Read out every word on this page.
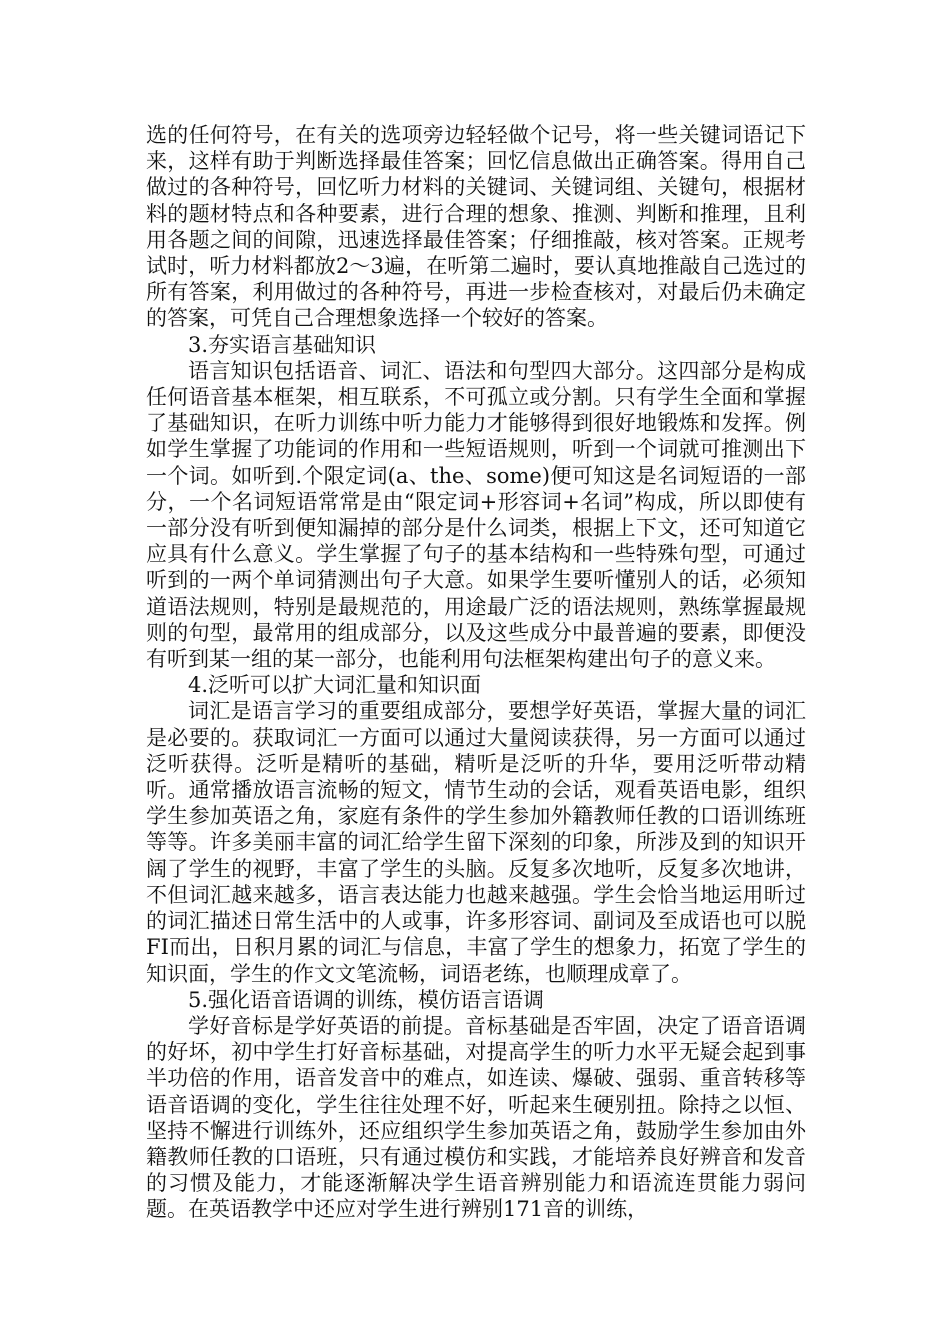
选的任何符号，在有关的选项旁边轻轻做个记号，将一些关键词语记下来，这样有助于判断选择最佳答案；回忆信息做出正确答案。得用自己做过的各种符号，回忆听力材料的关键词、关键词组、关键句，根据材料的题材特点和各种要素，进行合理的想象、推测、判断和推理，且利用各题之间的间隙，迅速选择最佳答案；仔细推敲，核对答案。正规考试时，听力材料都放2～3遍，在听第二遍时，要认真地推敲自己选过的所有答案，利用做过的各种符号，再进一步检查核对，对最后仍未确定的答案，可凭自己合理想象选择一个较好的答案。

3.夯实语言基础知识

语言知识包括语音、词汇、语法和句型四大部分。这四部分是构成任何语音基本框架，相互联系，不可孤立或分割。只有学生全面和掌握了基础知识，在听力训练中听力能力才能够得到很好地锻炼和发挥。例如学生掌握了功能词的作用和一些短语规则，听到一个词就可推测出下一个词。如听到.个限定词(a、the、some)便可知这是名词短语的一部分，一个名词短语常常是由“限定词+形容词+名词”构成，所以即使有一部分没有听到便知漏掉的部分是什么词类，根据上下文，还可知道它应具有什么意义。学生掌握了句子的基本结构和一些特殊句型，可通过听到的一两个单词猜测出句子大意。如果学生要听懂别人的话，必须知道语法规则，特别是最规范的，用途最广泛的语法规则，熟练掌握最规则的句型，最常用的组成部分，以及这些成分中最普遍的要素，即便没有听到某一组的某一部分，也能利用句法框架构建出句子的意义来。

4.泛听可以扩大词汇量和知识面

词汇是语言学习的重要组成部分，要想学好英语，掌握大量的词汇是必要的。获取词汇一方面可以通过大量阅读获得，另一方面可以通过泛听获得。泛听是精听的基础，精听是泛听的升华，要用泛听带动精听。通常播放语言流畅的短文，情节生动的会话，观看英语电影，组织学生参加英语之角，家庭有条件的学生参加外籍教师任教的口语训练班等等。许多美丽丰富的词汇给学生留下深刻的印象，所涉及到的知识开阔了学生的视野，丰富了学生的头脑。反复多次地听，反复多次地讲，不但词汇越来越多，语言表达能力也越来越强。学生会恰当地运用昕过的词汇描述日常生活中的人或事，许多形容词、副词及至成语也可以脱FI而出，日积月累的词汇与信息，丰富了学生的想象力，拓宽了学生的知识面，学生的作文文笔流畅，词语老练，也顺理成章了。

5.强化语音语调的训练，模仿语言语调

学好音标是学好英语的前提。音标基础是否牢固，决定了语音语调的好坏，初中学生打好音标基础，对提高学生的听力水平无疑会起到事半功倍的作用，语音发音中的难点，如连读、爆破、强弱、重音转移等语音语调的变化，学生往往处理不好，听起来生硬别扭。除持之以恒、坚持不懈进行训练外，还应组织学生参加英语之角，鼓励学生参加由外籍教师任教的口语班，只有通过模仿和实践，才能培养良好辨音和发音的习惯及能力，才能逐渐解决学生语音辨别能力和语流连贯能力弱问题。在英语教学中还应对学生进行辨别171音的训练，
